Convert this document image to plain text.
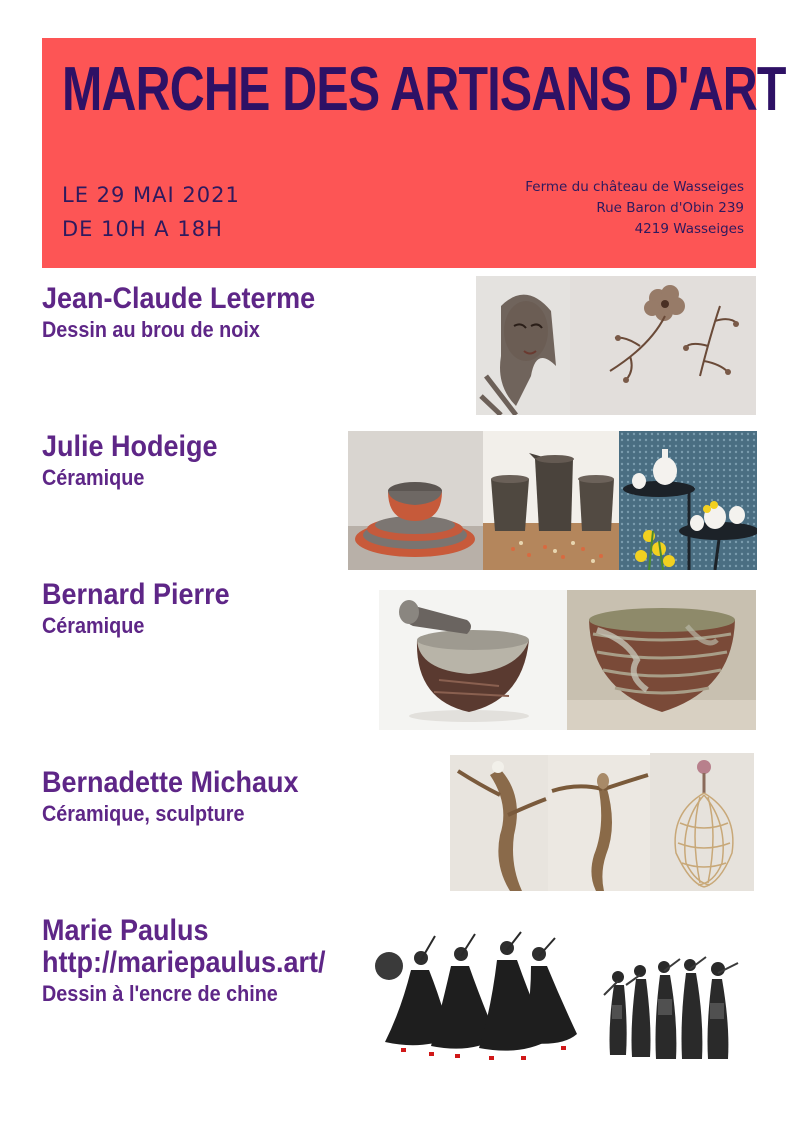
MARCHE DES ARTISANS D'ART
LE 29 MAI 2021
DE 10H A 18H
Ferme du château de Wasseiges
Rue Baron d'Obin 239
4219 Wasseiges
Jean-Claude Leterme
Dessin au brou de noix
Julie Hodeige
Céramique
Bernard Pierre
Céramique
Bernadette Michaux
Céramique, sculpture
Marie Paulus
http://mariepaulus.art/
Dessin à l'encre de chine
